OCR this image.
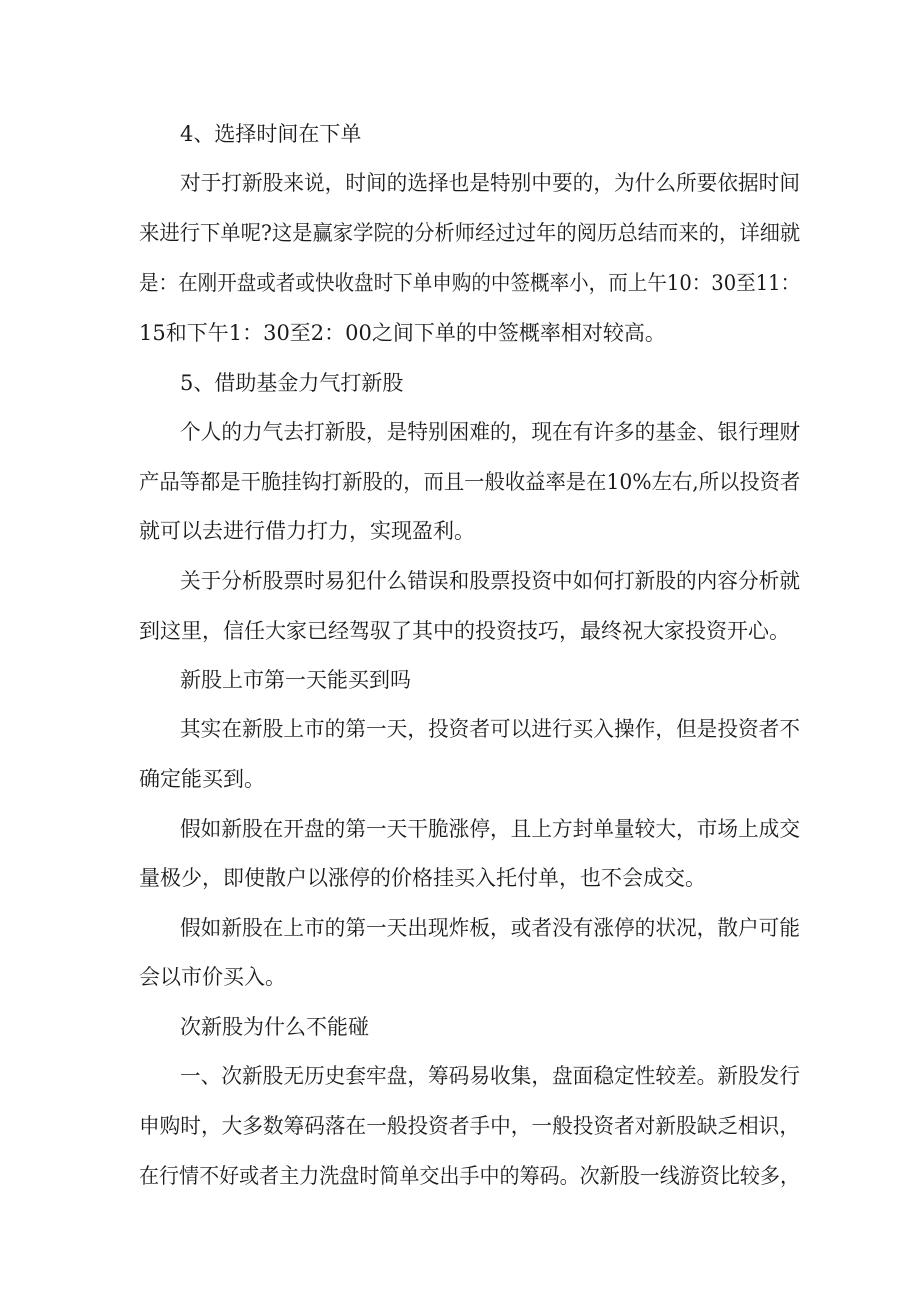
4、选择时间在下单
对于打新股来说，时间的选择也是特别中要的，为什么所要依据时间
来进行下单呢?这是赢家学院的分析师经过过年的阅历总结而来的，详细就
是：在刚开盘或者或快收盘时下单申购的中签概率小，而上午10：30至11：
15和下午1：30至2：00之间下单的中签概率相对较高。
5、借助基金力气打新股
个人的力气去打新股，是特别困难的，现在有许多的基金、银行理财
产品等都是干脆挂钩打新股的，而且一般收益率是在10%左右,所以投资者
就可以去进行借力打力，实现盈利。
关于分析股票时易犯什么错误和股票投资中如何打新股的内容分析就
到这里，信任大家已经驾驭了其中的投资技巧，最终祝大家投资开心。
新股上市第一天能买到吗
其实在新股上市的第一天，投资者可以进行买入操作，但是投资者不
确定能买到。
假如新股在开盘的第一天干脆涨停，且上方封单量较大，市场上成交
量极少，即使散户以涨停的价格挂买入托付单，也不会成交。
假如新股在上市的第一天出现炸板，或者没有涨停的状况，散户可能
会以市价买入。
次新股为什么不能碰
一、次新股无历史套牢盘，筹码易收集，盘面稳定性较差。新股发行
申购时，大多数筹码落在一般投资者手中，一般投资者对新股缺乏相识，
在行情不好或者主力洗盘时简单交出手中的筹码。次新股一线游资比较多，
